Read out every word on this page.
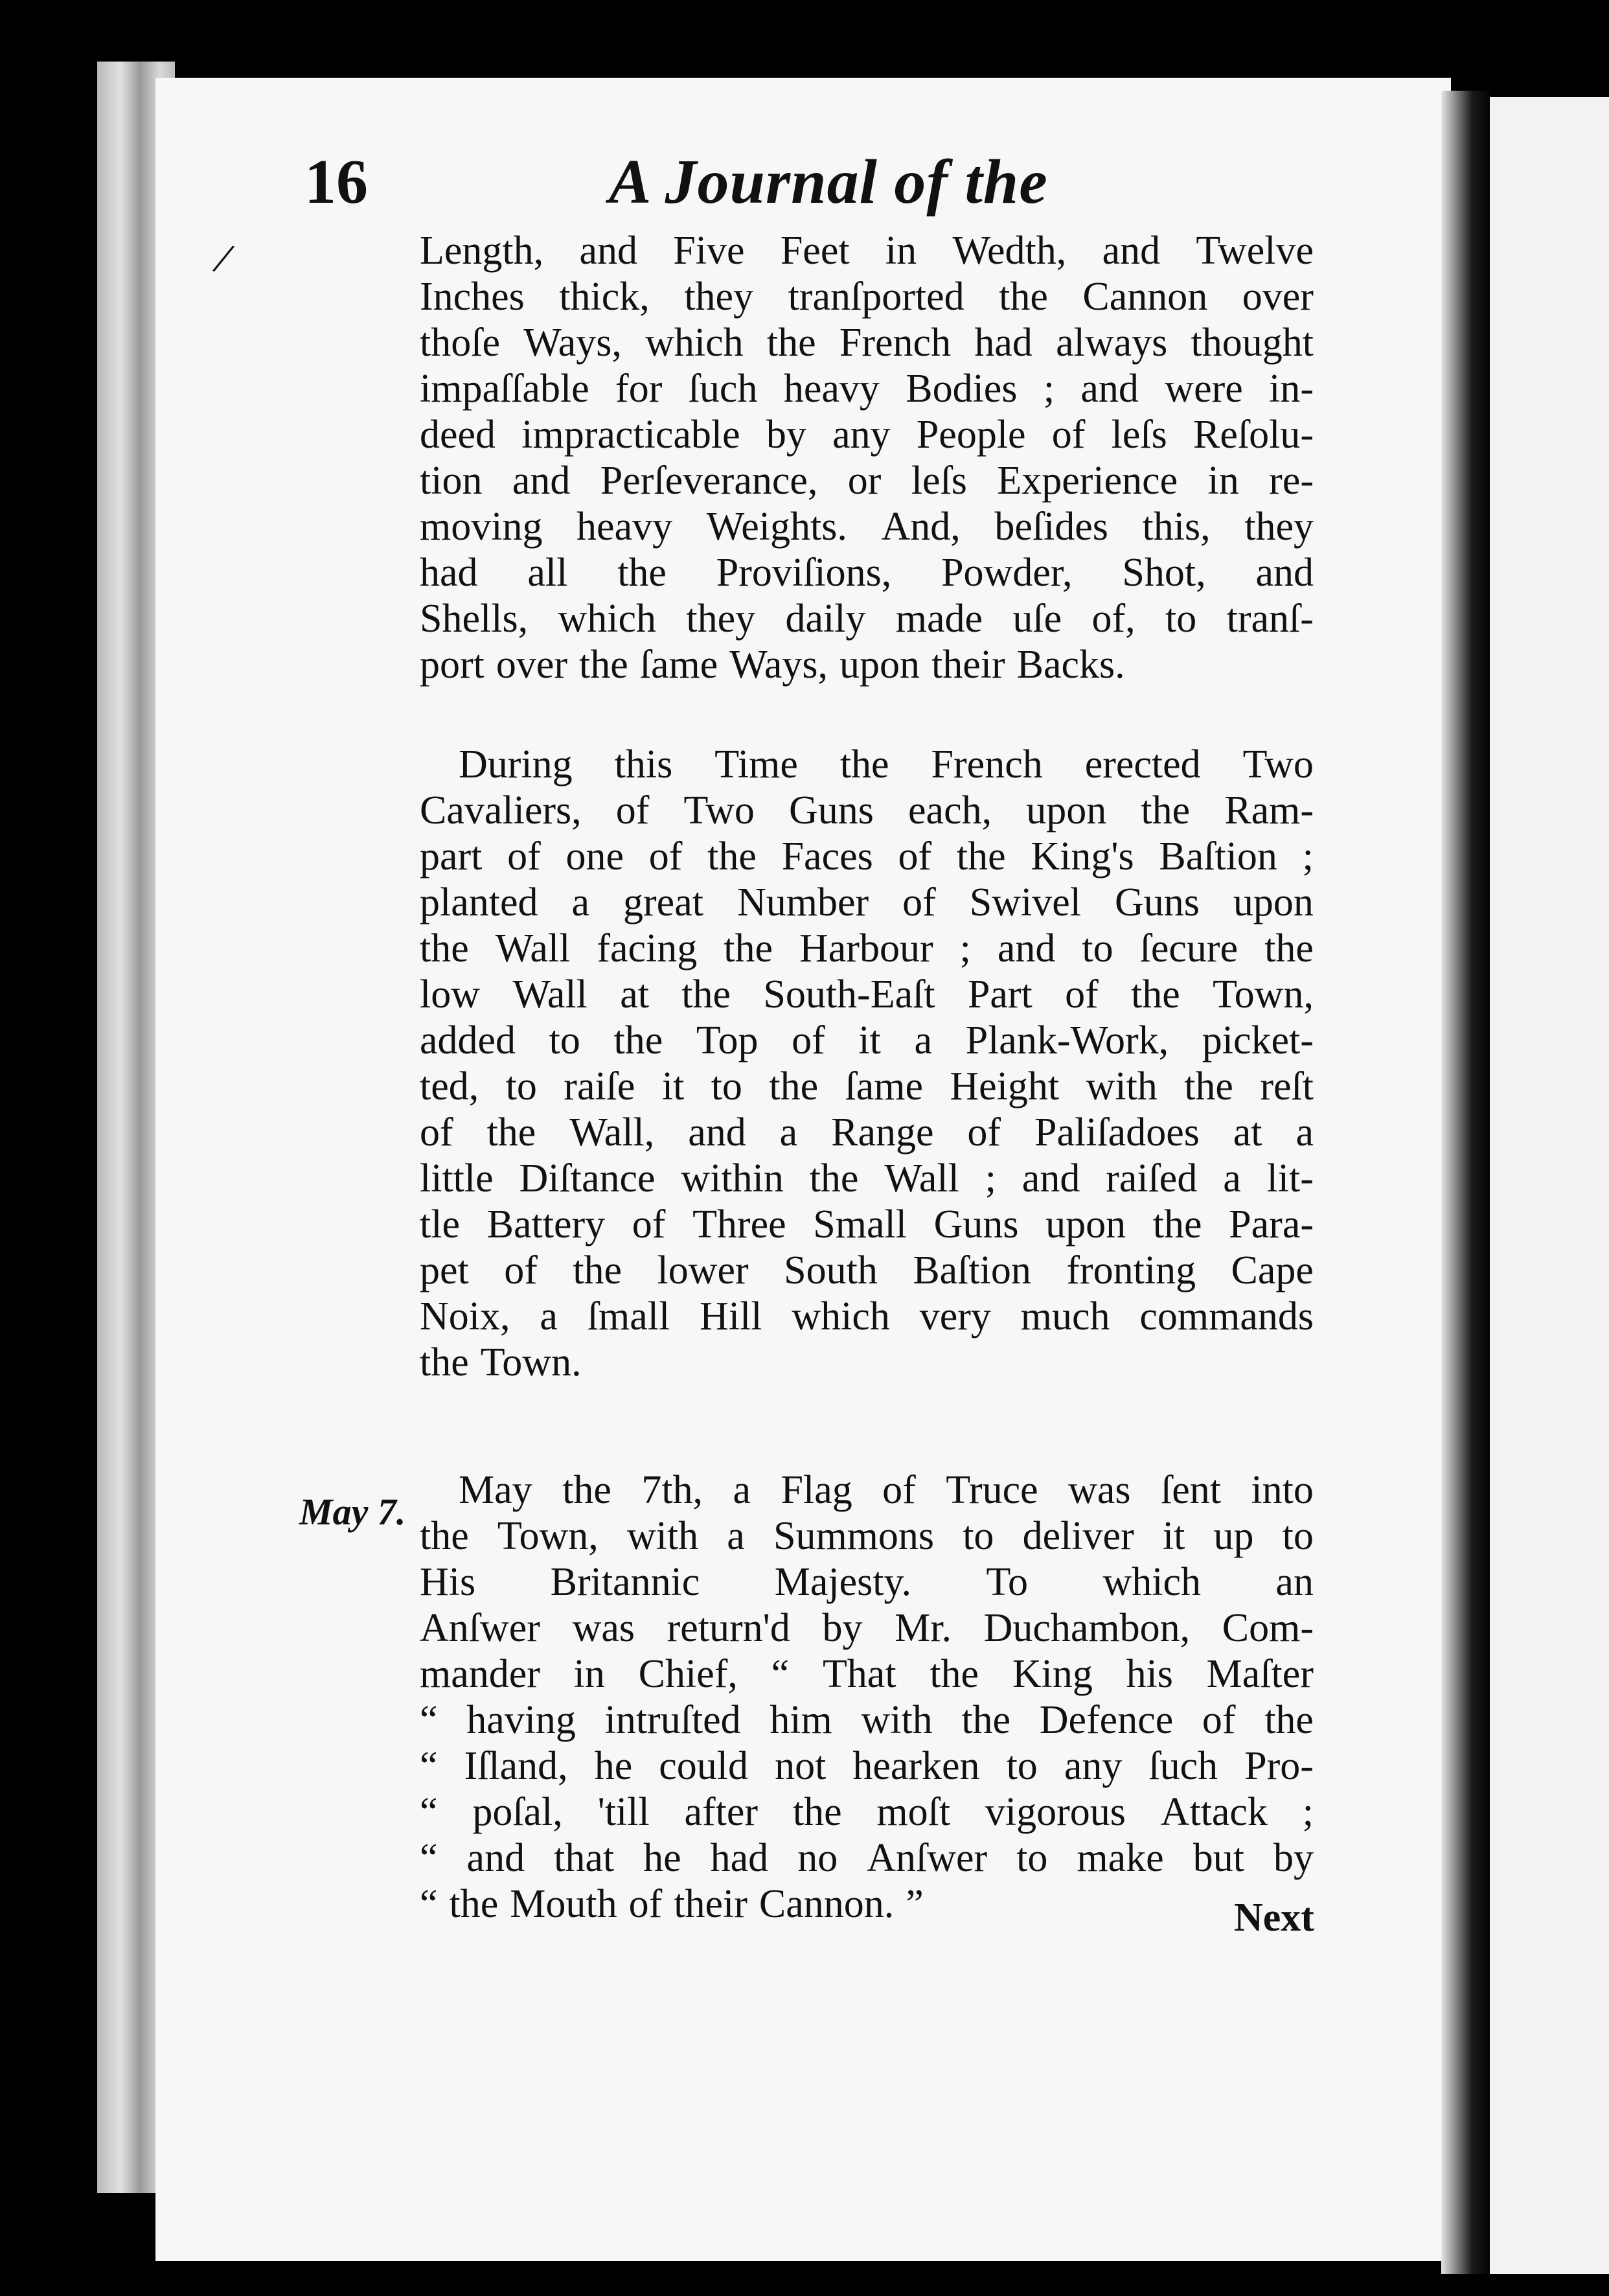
16	A Journal of the
/
May 7.
Length, and Five Feet in Wedth, and Twelve
Inches thick, they tranſported the Cannon over
thoſe Ways, which the French had always thought
impaſſable for ſuch heavy Bodies ; and were in-
deed impracticable by any People of leſs Reſolu-
tion and Perſeverance, or leſs Experience in re-
moving heavy Weights. And, beſides this, they
had all the Proviſions, Powder, Shot, and
Shells, which they daily made uſe of, to tranſ-
port over the ſame Ways, upon their Backs.
During this Time the French erected Two
Cavaliers, of Two Guns each, upon the Ram-
part of one of the Faces of the King's Baſtion ;
planted a great Number of Swivel Guns upon
the Wall facing the Harbour ; and to ſecure the
low Wall at the South-Eaſt Part of the Town,
added to the Top of it a Plank-Work, picket-
ted, to raiſe it to the ſame Height with the reſt
of the Wall, and a Range of Paliſadoes at a
little Diſtance within the Wall ; and raiſed a lit-
tle Battery of Three Small Guns upon the Para-
pet of the lower South Baſtion fronting Cape
Noix, a ſmall Hill which very much commands
the Town.
May the 7th, a Flag of Truce was ſent into
the Town, with a Summons to deliver it up to
His Britannic Majesty. To which an
Anſwer was return'd by Mr. Duchambon, Com-
mander in Chief, “ That the King his Maſter
“ having intruſted him with the Defence of the
“ Iſland, he could not hearken to any ſuch Pro-
“ poſal, 'till after the moſt vigorous Attack ;
“ and that he had no Anſwer to make but by
“ the Mouth of their Cannon. ”	Next
